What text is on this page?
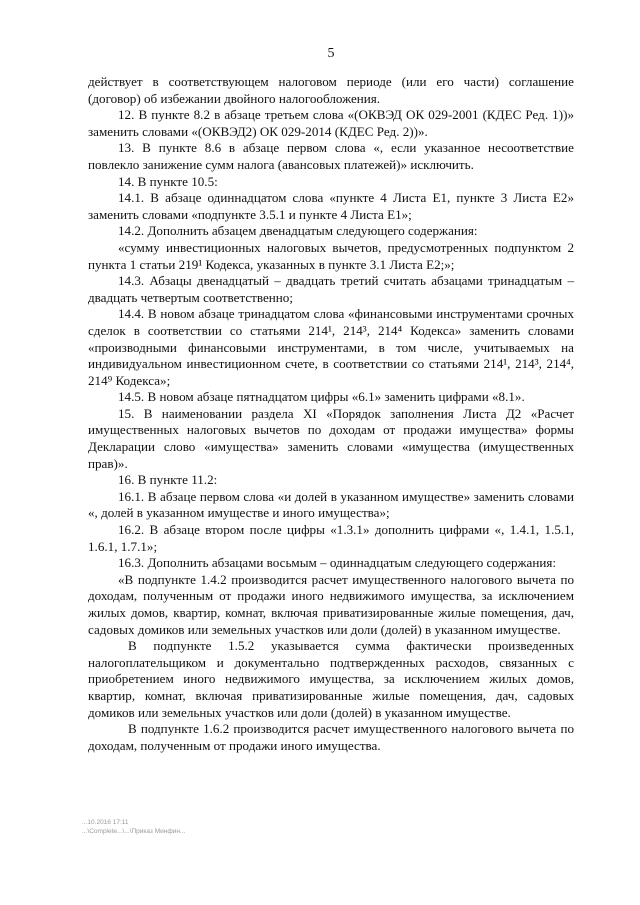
5

действует в соответствующем налоговом периоде (или его части) соглашение (договор) об избежании двойного налогообложения.

12. В пункте 8.2 в абзаце третьем слова «(ОКВЭД ОК 029-2001 (КДЕС Ред. 1))» заменить словами «(ОКВЭД2) ОК 029-2014 (КДЕС Ред. 2))».

13. В пункте 8.6 в абзаце первом слова «, если указанное несоответствие повлекло занижение сумм налога (авансовых платежей)» исключить.

14. В пункте 10.5:

14.1. В абзаце одиннадцатом слова «пункте 4 Листа Е1, пункте 3 Листа Е2» заменить словами «подпункте 3.5.1 и пункте 4 Листа Е1»;

14.2. Дополнить абзацем двенадцатым следующего содержания:

«сумму инвестиционных налоговых вычетов, предусмотренных подпунктом 2 пункта 1 статьи 219¹ Кодекса, указанных в пункте 3.1 Листа Е2;»;

14.3. Абзацы двенадцатый – двадцать третий считать абзацами тринадцатым – двадцать четвертым соответственно;

14.4. В новом абзаце тринадцатом слова «финансовыми инструментами срочных сделок в соответствии со статьями 214¹, 214³, 214⁴ Кодекса» заменить словами «производными финансовыми инструментами, в том числе, учитываемых на индивидуальном инвестиционном счете, в соответствии со статьями 214¹, 214³, 214⁴, 214⁹ Кодекса»;

14.5. В новом абзаце пятнадцатом цифры «6.1» заменить цифрами «8.1».

15. В наименовании раздела XI «Порядок заполнения Листа Д2 «Расчет имущественных налоговых вычетов по доходам от продажи имущества» формы Декларации слово «имущества» заменить словами «имущества (имущественных прав)».

16. В пункте 11.2:

16.1. В абзаце первом слова «и долей в указанном имуществе» заменить словами «, долей в указанном имуществе и иного имущества»;

16.2. В абзаце втором после цифры «1.3.1» дополнить цифрами «, 1.4.1, 1.5.1, 1.6.1, 1.7.1»;

16.3. Дополнить абзацами восьмым – одиннадцатым следующего содержания:

«В подпункте 1.4.2 производится расчет имущественного налогового вычета по доходам, полученным от продажи иного недвижимого имущества, за исключением жилых домов, квартир, комнат, включая приватизированные жилые помещения, дач, садовых домиков или земельных участков или доли (долей) в указанном имуществе.

В подпункте 1.5.2 указывается сумма фактически произведенных налогоплательщиком и документально подтвержденных расходов, связанных с приобретением иного недвижимого имущества, за исключением жилых домов, квартир, комнат, включая приватизированные жилые помещения, дач, садовых домиков или земельных участков или доли (долей) в указанном имуществе.

В подпункте 1.6.2 производится расчет имущественного налогового вычета по доходам, полученным от продажи иного имущества.

...10.2016 17:11
...\Complete...\...\Приказ Минфин...
